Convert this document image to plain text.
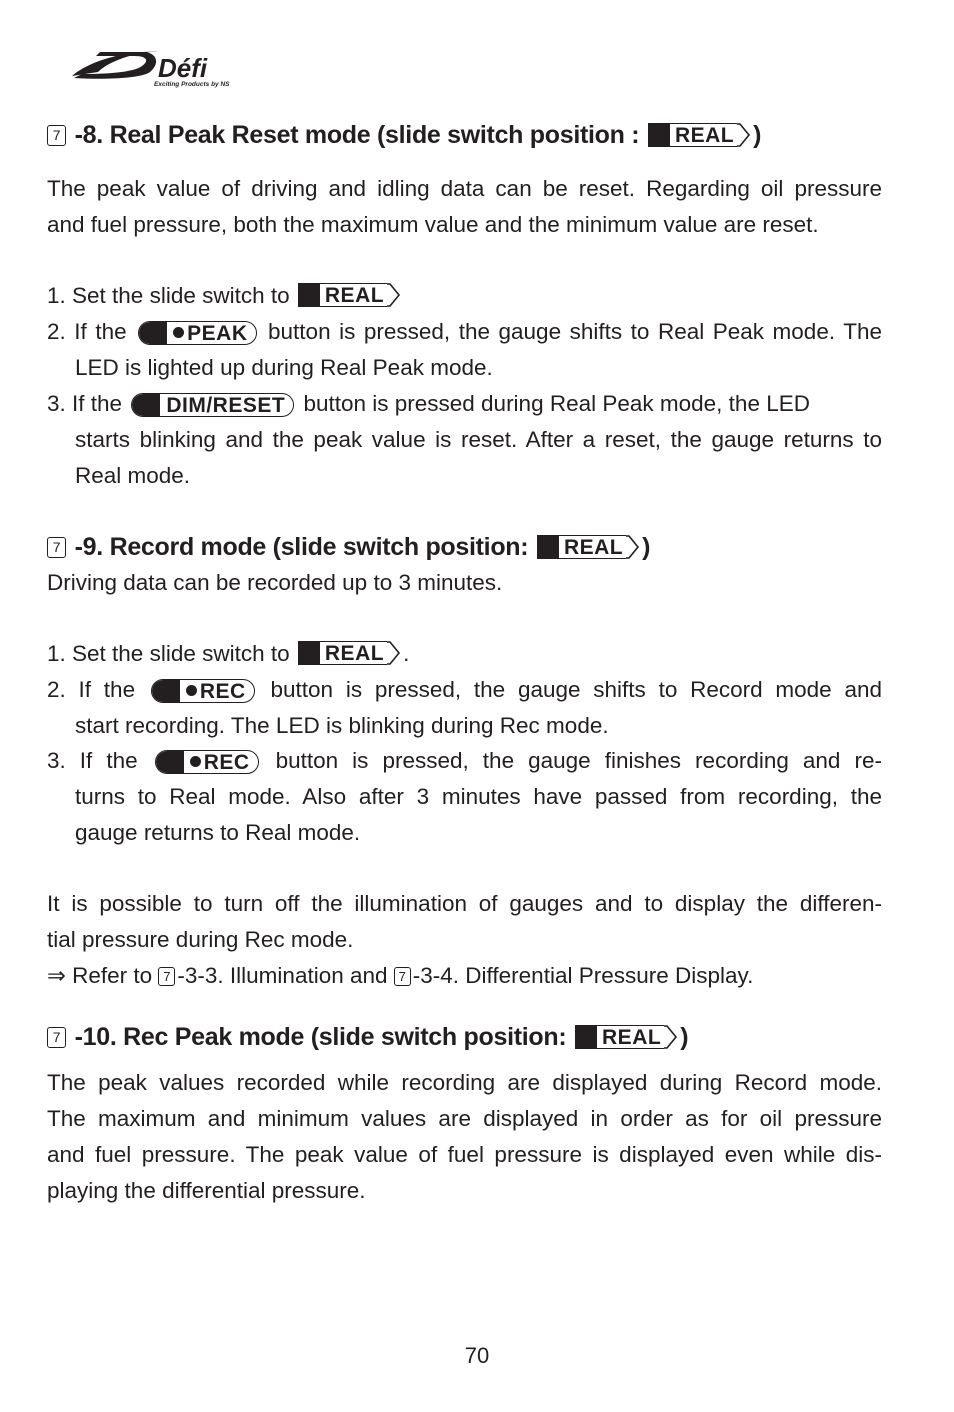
Défi
Exciting Products by NS
7 -8. Real Peak Reset mode (slide switch position : REAL )
The peak value of driving and idling data can be reset. Regarding oil pressure
and fuel pressure, both the maximum value and the minimum value are reset.
1. Set the slide switch to REAL
2. If the	PEAK button is pressed, the gauge shifts to Real Peak mode. The
LED is lighted up during Real Peak mode.
3. If the DIM/RESET button is pressed during Real Peak mode, the LED
starts blinking and the peak value is reset. After a reset, the gauge returns to
Real mode.
7 -9. Record mode (slide switch position: REAL )
Driving data can be recorded up to 3 minutes.
1. Set the slide switch to REAL .
2. If the	REC	button is pressed, the gauge shifts to Record mode and
start recording. The LED is blinking during Rec mode.
3. If the	REC	button is pressed, the gauge finishes recording and re-
turns to Real mode. Also after 3 minutes have passed from recording, the
gauge returns to Real mode.
It is possible to turn off the illumination of gauges and to display the differen-
tial pressure during Rec mode.
⇒ Refer to 7 -3-3. Illumination and 7 -3-4. Differential Pressure Display.
7 -10. Rec Peak mode (slide switch position: REAL )
The peak values recorded while recording are displayed during Record mode.
The maximum and minimum values are displayed in order as for oil pressure
and fuel pressure. The peak value of fuel pressure is displayed even while dis-
playing the differential pressure.
70
